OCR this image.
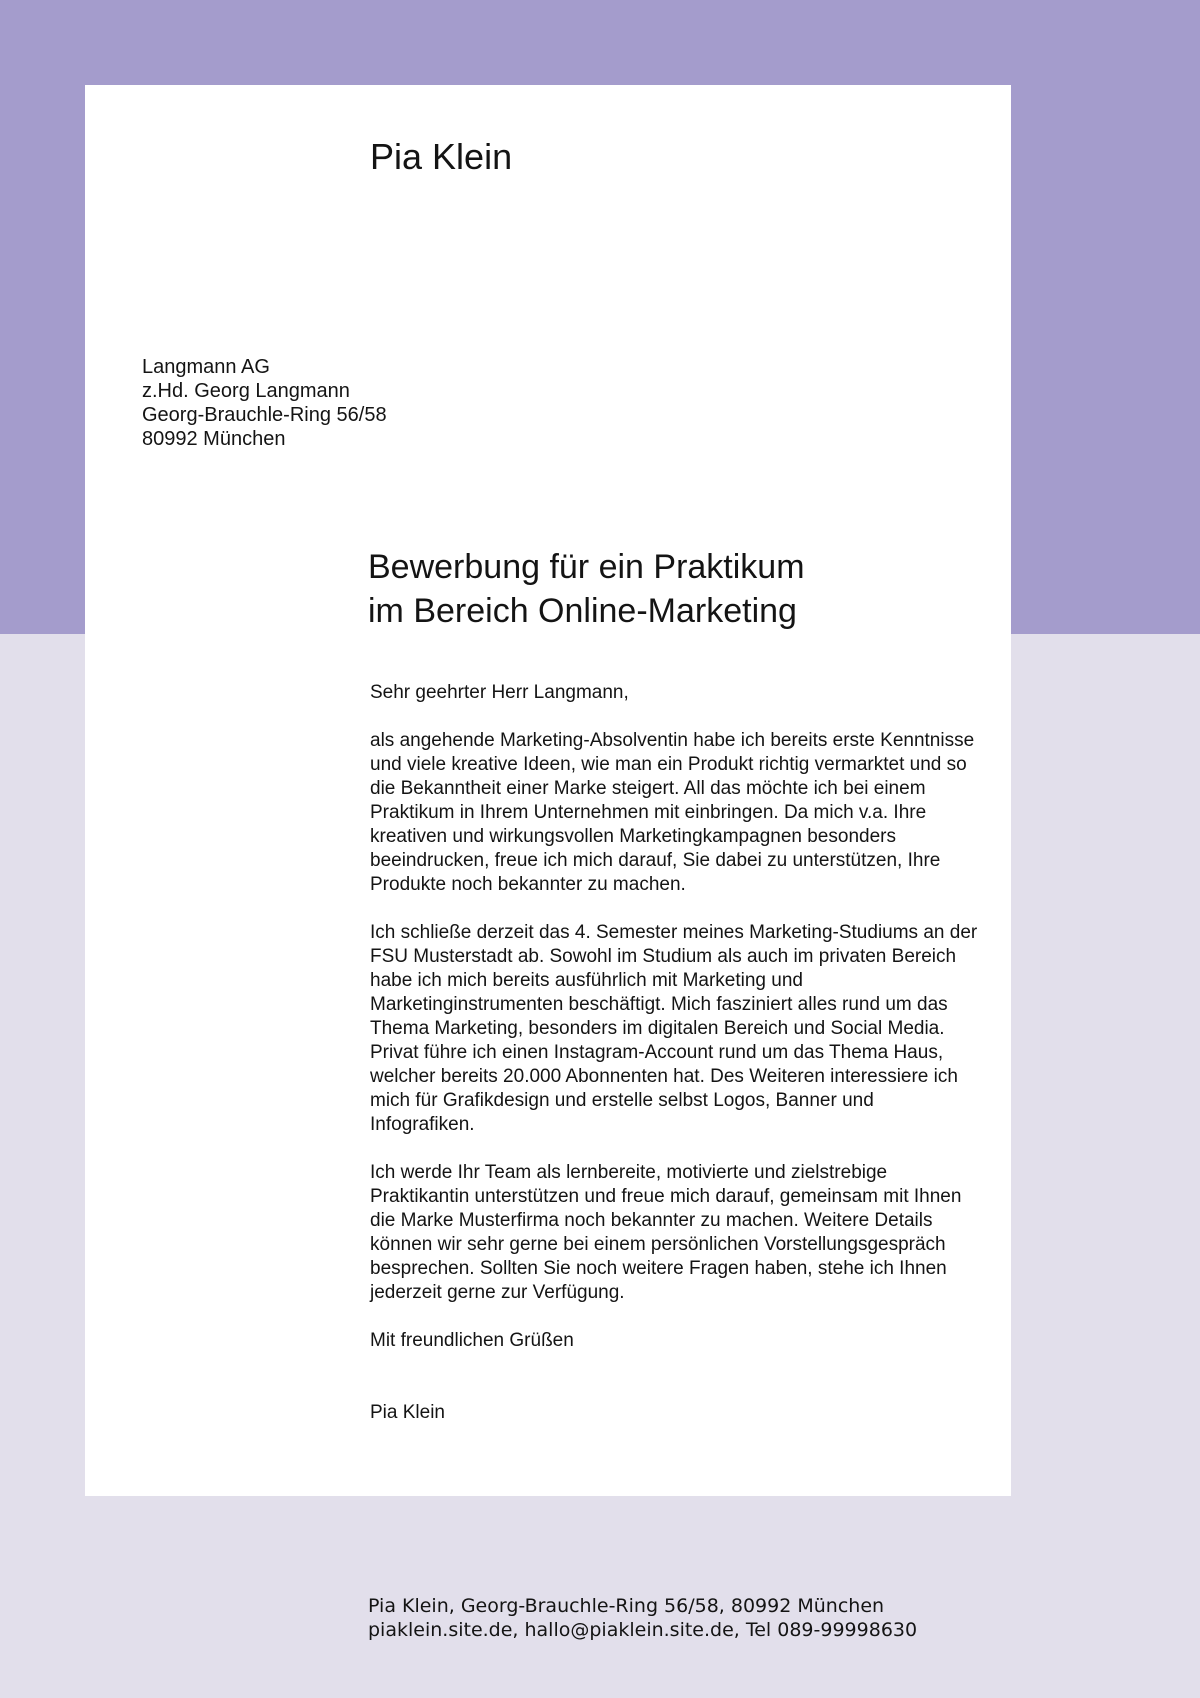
Pia Klein
Langmann AG
z.Hd. Georg Langmann
Georg-Brauchle-Ring 56/58
80992 München
Bewerbung für ein Praktikum
im Bereich Online-Marketing

Sehr geehrter Herr Langmann,

als angehende Marketing-Absolventin habe ich bereits erste Kenntnisse und viele kreative Ideen, wie man ein Produkt richtig vermarktet und so die Bekanntheit einer Marke steigert. All das möchte ich bei einem Praktikum in Ihrem Unternehmen mit einbringen. Da mich v.a. Ihre kreativen und wirkungsvollen Marketingkampagnen besonders beeindrucken, freue ich mich darauf, Sie dabei zu unterstützen, Ihre Produkte noch bekannter zu machen.

Ich schließe derzeit das 4. Semester meines Marketing-Studiums an der FSU Musterstadt ab. Sowohl im Studium als auch im privaten Bereich habe ich mich bereits ausführlich mit Marketing und Marketinginstrumenten beschäftigt. Mich fasziniert alles rund um das Thema Marketing, besonders im digitalen Bereich und Social Media. Privat führe ich einen Instagram-Account rund um das Thema Haus, welcher bereits 20.000 Abonnenten hat. Des Weiteren interessiere ich mich für Grafikdesign und erstelle selbst Logos, Banner und Infografiken.

Ich werde Ihr Team als lernbereite, motivierte und zielstrebige Praktikantin unterstützen und freue mich darauf, gemeinsam mit Ihnen die Marke Musterfirma noch bekannter zu machen. Weitere Details können wir sehr gerne bei einem persönlichen Vorstellungsgespräch besprechen. Sollten Sie noch weitere Fragen haben, stehe ich Ihnen jederzeit gerne zur Verfügung.

Mit freundlichen Grüßen

Pia Klein

Pia Klein, Georg-Brauchle-Ring 56/58, 80992 München
piaklein.site.de, hallo@piaklein.site.de, Tel 089-99998630
